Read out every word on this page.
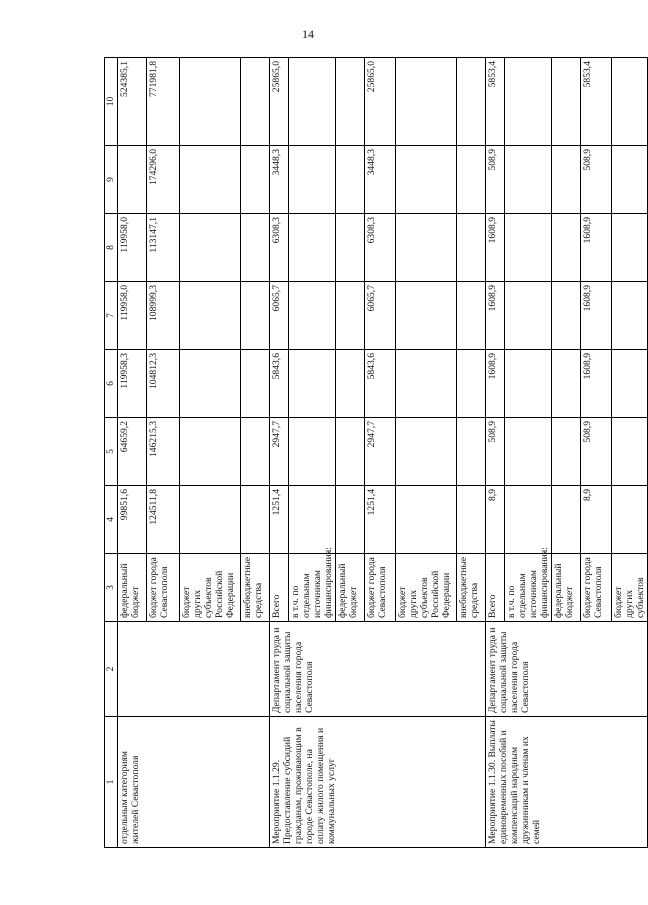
14
1	2	3	4	5	6	7	8	9	10
отдельным категориям жителей Севастополя		федеральный бюджет	99851,6	64659,2	119958,3	119958,0	119958,0		524385,1
		бюджет города Севастополя	124511,8	146215,3	104812,3	108999,3	113147,1	174296,0	771981,8
		бюджет других субъектов Российской Федерации							
		внебюджетные средства							
Мероприятие 1.1.29. Предоставление субсидий гражданам, проживающим в городе Севастополе, на оплату жилого помещения и коммунальных услуг	Департамент труда и социальной защиты населения города Севастополя	Всего	1251,4	2947,7	5843,6	6065,7	6308,3	3448,3	25865,0
		в т.ч. по отдельным источникам финансирования:							
		федеральный бюджет							
		бюджет города Севастополя	1251,4	2947,7	5843,6	6065,7	6308,3	3448,3	25865,0
		бюджет других субъектов Российской Федерации							
		внебюджетные средства							
Мероприятие 1.1.30. Выплаты единовременных пособий и компенсаций народным дружинникам и членам их семей	Департамент труда и социальной защиты населения города Севастополя	Всего	8,9	508,9	1608,9	1608,9	1608,9	508,9	5853,4
		в т.ч. по отдельным источникам финансирования:							
		федеральный бюджет							
		бюджет города Севастополя	8,9	508,9	1608,9	1608,9	1608,9	508,9	5853,4
		бюджет других субъектов							
